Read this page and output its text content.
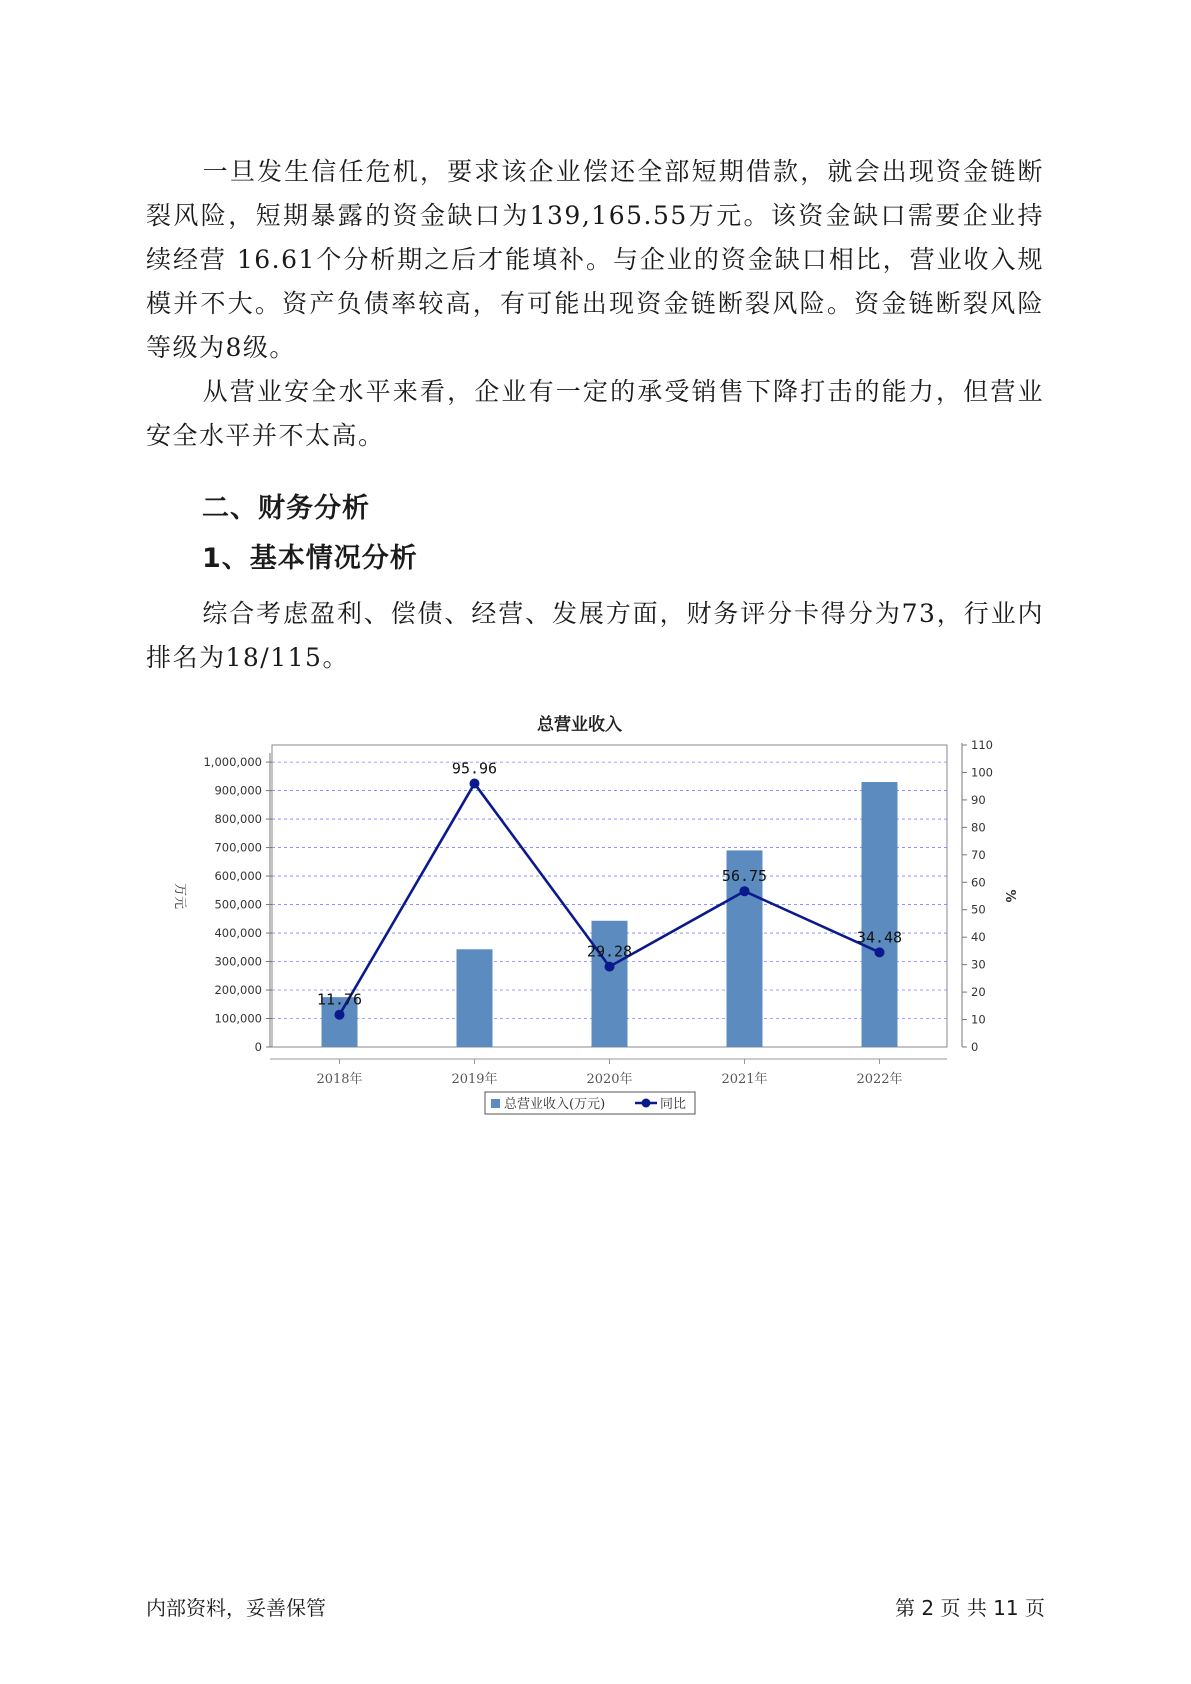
一旦发生信任危机，要求该企业偿还全部短期借款，就会出现资金链断裂风险，短期暴露的资金缺口为139,165.55万元。该资金缺口需要企业持续经营 16.61个分析期之后才能填补。与企业的资金缺口相比，营业收入规模并不大。资产负债率较高，有可能出现资金链断裂风险。资金链断裂风险等级为8级。

从营业安全水平来看，企业有一定的承受销售下降打击的能力，但营业安全水平并不太高。

二、财务分析
1、基本情况分析

综合考虑盈利、偿债、经营、发展方面，财务评分卡得分为73，行业内排名为18/115。

0
100,000
200,000
300,000
400,000
500,000
600,000
700,000
800,000
900,000
1,000,000
0
10
20
30
40
50
60
70
80
90
100
110
万元	%
总营业收入
2018年	2019年	2020年	2021年	2022年
11.76
95.96
29.28
56.75
34.48
总营业收入(万元)	同比
内部资料，妥善保管	第 2 页 共 11 页
